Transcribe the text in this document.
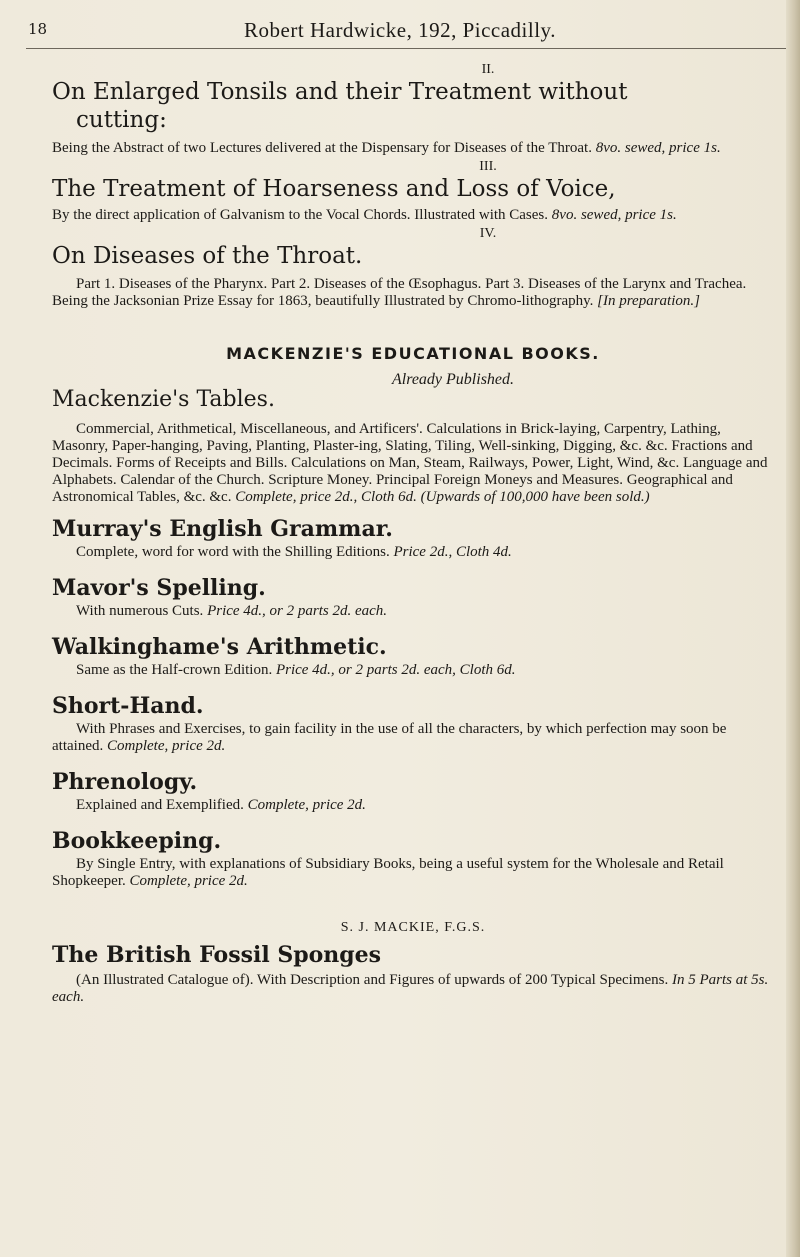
18	Robert Hardwicke, 192, Piccadilly.

II.

On Enlarged Tonsils and their Treatment without
cutting:

Being the Abstract of two Lectures delivered at the Dispensary for Diseases of the Throat. 8vo. sewed, price 1s.

III.

The Treatment of Hoarseness and Loss of Voice,

By the direct application of Galvanism to the Vocal Chords. Illustrated with Cases. 8vo. sewed, price 1s.

IV.

On Diseases of the Throat.

Part 1. Diseases of the Pharynx. Part 2. Diseases of the Œsophagus. Part 3. Diseases of the Larynx and Trachea. Being the Jacksonian Prize Essay for 1863, beautifully Illustrated by Chromo-lithography. [In preparation.]

MACKENZIE'S EDUCATIONAL BOOKS.

Already Published.

Mackenzie's Tables.

Commercial, Arithmetical, Miscellaneous, and Artificers'. Calculations in Brick-laying, Carpentry, Lathing, Masonry, Paper-hanging, Paving, Planting, Plaster-ing, Slating, Tiling, Well-sinking, Digging, &c. &c. Fractions and Decimals. Forms of Receipts and Bills. Calculations on Man, Steam, Railways, Power, Light, Wind, &c. Language and Alphabets. Calendar of the Church. Scripture Money. Principal Foreign Moneys and Measures. Geographical and Astronomical Tables, &c. &c. Complete, price 2d., Cloth 6d. (Upwards of 100,000 have been sold.)

Murray's English Grammar.

Complete, word for word with the Shilling Editions. Price 2d., Cloth 4d.

Mavor's Spelling.

With numerous Cuts. Price 4d., or 2 parts 2d. each.

Walkinghame's Arithmetic.

Same as the Half-crown Edition. Price 4d., or 2 parts 2d. each, Cloth 6d.

Short-Hand.

With Phrases and Exercises, to gain facility in the use of all the characters, by which perfection may soon be attained. Complete, price 2d.

Phrenology.

Explained and Exemplified. Complete, price 2d.

Bookkeeping.

By Single Entry, with explanations of Subsidiary Books, being a useful system for the Wholesale and Retail Shopkeeper. Complete, price 2d.

S. J. MACKIE, F.G.S.

The British Fossil Sponges

(An Illustrated Catalogue of). With Description and Figures of upwards of 200 Typical Specimens. In 5 Parts at 5s. each.
